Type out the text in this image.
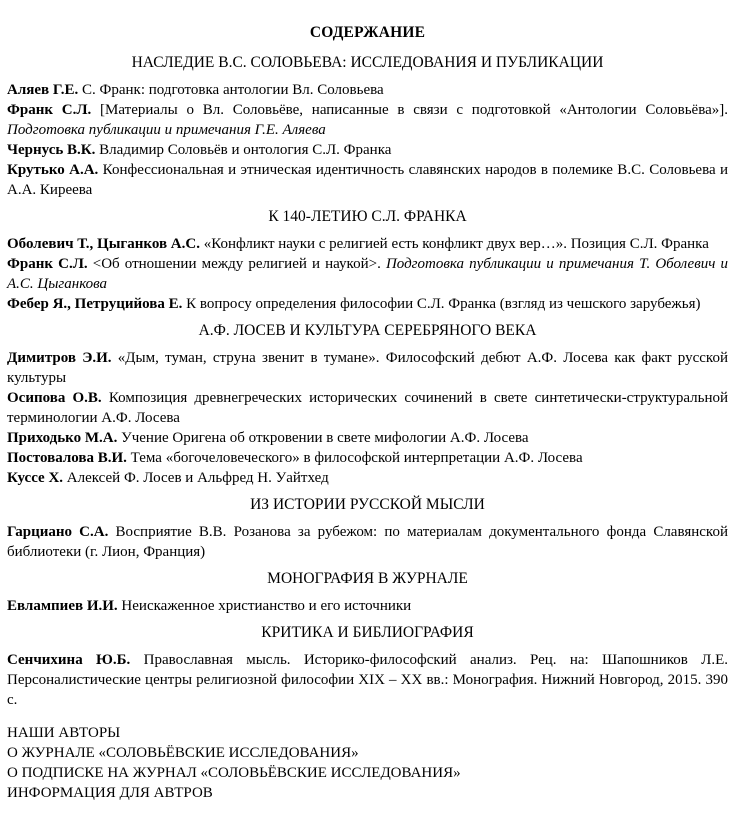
СОДЕРЖАНИЕ
НАСЛЕДИЕ В.С. СОЛОВЬЕВА: ИССЛЕДОВАНИЯ И ПУБЛИКАЦИИ

Аляев Г.Е. С. Франк: подготовка антологии Вл. Соловьева

Франк С.Л. [Материалы о Вл. Соловьёве, написанные в связи с подготовкой «Антологии Соловьёва»]. Подготовка публикации и примечания Г.Е. Аляева

Чернусь В.К. Владимир Соловьёв и онтология С.Л. Франка

Крутько А.А. Конфессиональная и этническая идентичность славянских народов в полемике В.С. Соловьева и А.А. Киреева

К 140-ЛЕТИЮ С.Л. ФРАНКА

Оболевич Т., Цыганков А.С. «Конфликт науки с религией есть конфликт двух вер…». Позиция С.Л. Франка

Франк С.Л. <Об отношении между религией и наукой>. Подготовка публикации и примечания Т. Оболевич и А.С. Цыганкова

Фебер Я., Петруцийова Е. К вопросу определения философии С.Л. Франка (взгляд из чешского зарубежья)

А.Ф. ЛОСЕВ И КУЛЬТУРА СЕРЕБРЯНОГО ВЕКА

Димитров Э.И. «Дым, туман, струна звенит в тумане». Философский дебют А.Ф. Лосева как факт русской культуры

Осипова О.В. Композиция древнегреческих исторических сочинений в свете синтетически-структуральной терминологии А.Ф. Лосева

Приходько М.А. Учение Оригена об откровении в свете мифологии А.Ф. Лосева

Постовалова В.И. Тема «богочеловеческого» в философской интерпретации А.Ф. Лосева

Куссе Х. Алексей Ф. Лосев и Альфред Н. Уайтхед

ИЗ ИСТОРИИ РУССКОЙ МЫСЛИ

Гарциано С.А. Восприятие В.В. Розанова за рубежом: по материалам документального фонда Славянской библиотеки (г. Лион, Франция)

МОНОГРАФИЯ В ЖУРНАЛЕ

Евлампиев И.И. Неискаженное христианство и его источники

КРИТИКА И БИБЛИОГРАФИЯ

Сенчихина Ю.Б. Православная мысль. Историко-философский анализ. Рец. на: Шапошников Л.Е. Персоналистические центры религиозной философии XIX – ХХ вв.: Монография. Нижний Новгород, 2015. 390 с.

НАШИ АВТОРЫ

О ЖУРНАЛЕ «СОЛОВЬЁВСКИЕ ИССЛЕДОВАНИЯ»

О ПОДПИСКЕ НА ЖУРНАЛ «СОЛОВЬЁВСКИЕ ИССЛЕДОВАНИЯ»

ИНФОРМАЦИЯ ДЛЯ АВТРОВ
